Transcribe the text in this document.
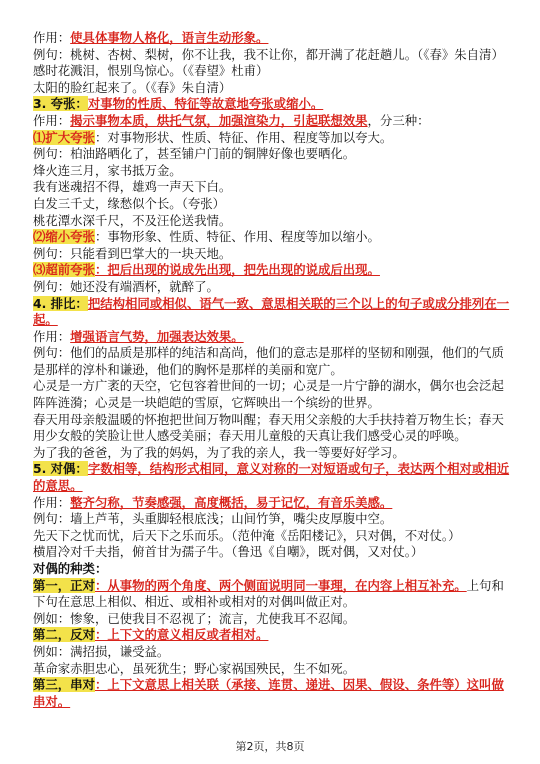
作用：使具体事物人格化，语言生动形象。

例句：桃树、杏树、梨树，你不让我，我不让你，都开满了花赶趟儿。（《春》朱自清）

感时花溅泪，恨别鸟惊心。（《春望》杜甫）

太阳的脸红起来了。（《春》朱自清）

3. 夸张：对事物的性质、特征等故意地夸张或缩小。

作用：揭示事物本质，烘托气氛，加强渲染力，引起联想效果，分三种：

⑴扩大夸张：对事物形状、性质、特征、作用、程度等加以夸大。

例句：柏油路晒化了，甚至铺户门前的铜牌好像也要晒化。

烽火连三月，家书抵万金。

我有迷魂招不得，雄鸡一声天下白。

白发三千丈，缘愁似个长。（夸张）

桃花潭水深千尺，不及汪伦送我情。

⑵缩小夸张：事物形象、性质、特征、作用、程度等加以缩小。

例句：只能看到巴掌大的一块天地。

⑶超前夸张：把后出现的说成先出现，把先出现的说成后出现。

例句：她还没有端酒杯，就醉了。

4. 排比：把结构相同或相似、语气一致、意思相关联的三个以上的句子或成分排列在一起。

作用：增强语言气势，加强表达效果。

例句：他们的品质是那样的纯洁和高尚，他们的意志是那样的坚韧和刚强，他们的气质是那样的淳朴和谦逊，他们的胸怀是那样的美丽和宽广。

心灵是一方广袤的天空，它包容着世间的一切；心灵是一片宁静的湖水，偶尔也会泛起阵阵涟漪；心灵是一块皑皑的雪原，它辉映出一个缤纷的世界。

春天用母亲般温暖的怀抱把世间万物叫醒；春天用父亲般的大手扶持着万物生长；春天用少女般的笑脸让世人感受美丽；春天用儿童般的天真让我们感受心灵的呼唤。

为了我的爸爸，为了我的妈妈，为了我的亲人，我一等要好好学习。

5. 对偶：字数相等，结构形式相同，意义对称的一对短语或句子，表达两个相对或相近的意思。

作用：整齐匀称，节奏感强，高度概括，易于记忆，有音乐美感。

例句：墙上芦苇，头重脚轻根底浅；山间竹笋，嘴尖皮厚腹中空。

先天下之忧而忧，后天下之乐而乐。（范仲淹《岳阳楼记》，只对偶，不对仗。）

横眉冷对千夫指，俯首甘为孺子牛。（鲁迅《自嘲》，既对偶，又对仗。）

对偶的种类：

第一，正对：从事物的两个角度、两个侧面说明同一事理，在内容上相互补充。上句和下句在意思上相似、相近、或相补或相对的对偶叫做正对。

例如：惨象，已使我目不忍视了；流言，尤使我耳不忍闻。

第二，反对：上下文的意义相反或者相对。

例如：满招损，谦受益。

革命家赤胆忠心，虽死犹生；野心家祸国殃民，生不如死。

第三，串对：上下文意思上相关联（承接、连贯、递进、因果、假设、条件等）这叫做串对。

第2页，共8页
